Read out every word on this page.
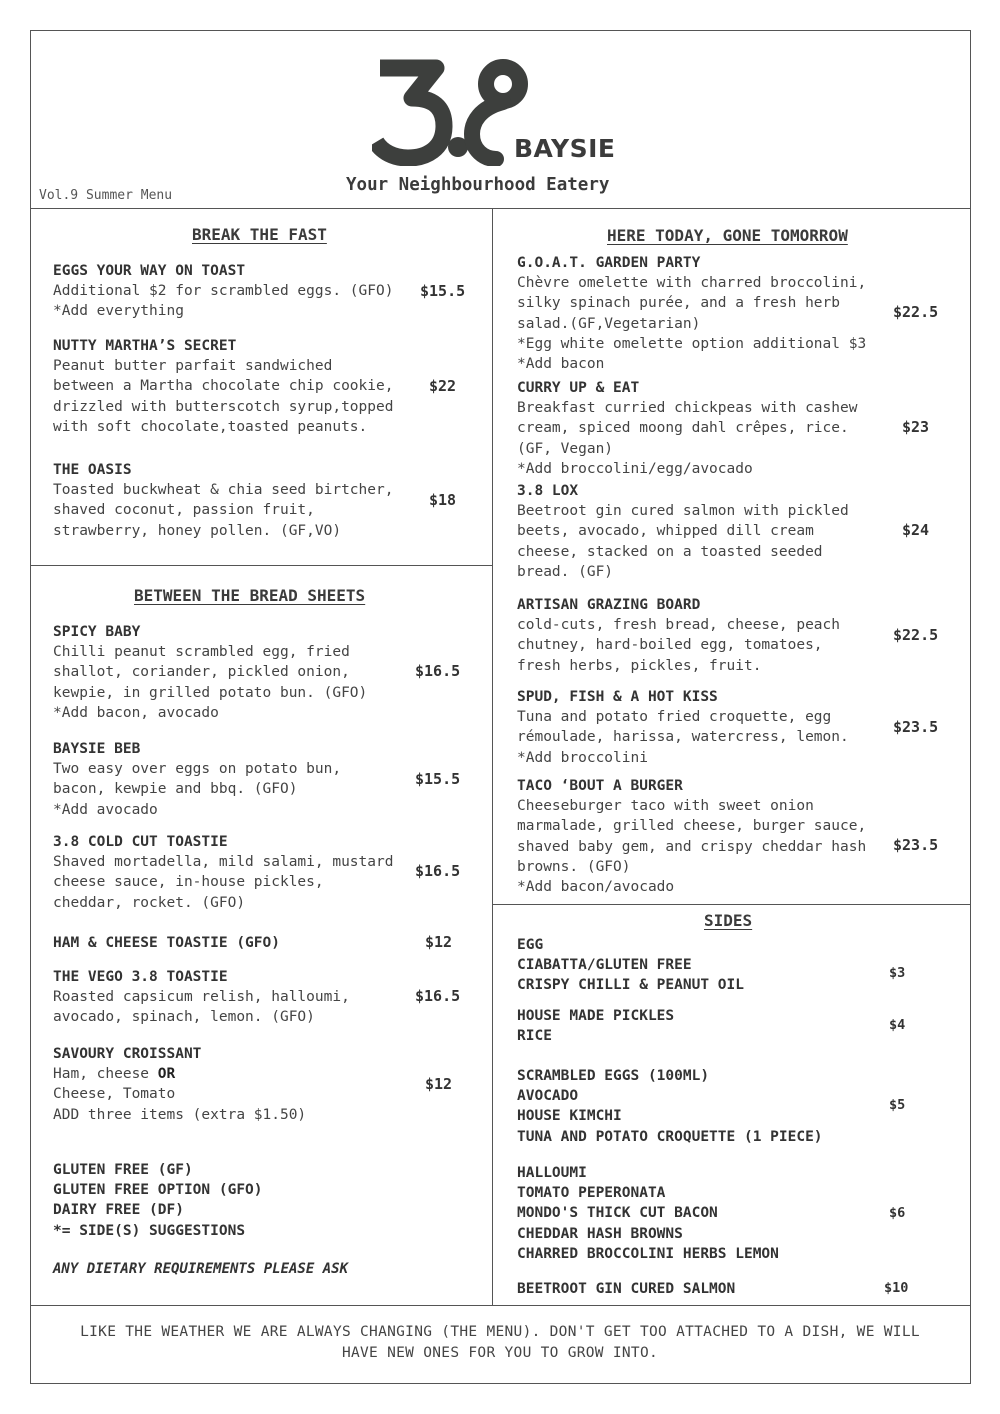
BAYSIE
Your Neighbourhood Eatery
Vol.9 Summer Menu
BREAK THE FAST
EGGS YOUR WAY ON TOAST
Additional $2 for scrambled eggs. (GFO)
*Add everything
$15.5
NUTTY MARTHA’S SECRET
Peanut butter parfait sandwiched
between a Martha chocolate chip cookie,
drizzled with butterscotch syrup,topped
with soft chocolate,toasted peanuts.
$22
THE OASIS
Toasted buckwheat & chia seed birtcher,
shaved coconut, passion fruit,
strawberry, honey pollen. (GF,VO)
$18
BETWEEN THE BREAD SHEETS
SPICY BABY
Chilli peanut scrambled egg, fried
shallot, coriander, pickled onion,
kewpie, in grilled potato bun. (GFO)
*Add bacon, avocado
$16.5
BAYSIE BEB
Two easy over eggs on potato bun,
bacon, kewpie and bbq. (GFO)
*Add avocado
$15.5
3.8 COLD CUT TOASTIE
Shaved mortadella, mild salami, mustard
cheese sauce, in-house pickles,
cheddar, rocket. (GFO)
$16.5
HAM & CHEESE TOASTIE (GFO)	$12
THE VEGO 3.8 TOASTIE
Roasted capsicum relish, halloumi,
avocado, spinach, lemon. (GFO)
$16.5
SAVOURY CROISSANT
Ham, cheese OR
Cheese, Tomato
ADD three items (extra $1.50)
$12
GLUTEN FREE (GF)
GLUTEN FREE OPTION (GFO)
DAIRY FREE (DF)
*= SIDE(S) SUGGESTIONS
ANY DIETARY REQUIREMENTS PLEASE ASK
HERE TODAY, GONE TOMORROW
G.O.A.T. GARDEN PARTY
Chèvre omelette with charred broccolini,
silky spinach purée, and a fresh herb
salad.(GF,Vegetarian)
*Egg white omelette option additional $3
*Add bacon
$22.5
CURRY UP & EAT
Breakfast curried chickpeas with cashew
cream, spiced moong dahl crêpes, rice.
(GF, Vegan)
*Add broccolini/egg/avocado
$23
3.8 LOX
Beetroot gin cured salmon with pickled
beets, avocado, whipped dill cream
cheese, stacked on a toasted seeded
bread. (GF)
$24
ARTISAN GRAZING BOARD
cold-cuts, fresh bread, cheese, peach
chutney, hard-boiled egg, tomatoes,
fresh herbs, pickles, fruit.
$22.5
SPUD, FISH & A HOT KISS
Tuna and potato fried croquette, egg
rémoulade, harissa, watercress, lemon.
*Add broccolini
$23.5
TACO ‘BOUT A BURGER
Cheeseburger taco with sweet onion
marmalade, grilled cheese, burger sauce,
shaved baby gem, and crispy cheddar hash
browns. (GFO)
*Add bacon/avocado
$23.5
SIDES
EGG
CIABATTA/GLUTEN FREE
CRISPY CHILLI & PEANUT OIL
$3
HOUSE MADE PICKLES
RICE
$4
SCRAMBLED EGGS (100ML)
AVOCADO
HOUSE KIMCHI
TUNA AND POTATO CROQUETTE (1 PIECE)
$5
HALLOUMI
TOMATO PEPERONATA
MONDO'S THICK CUT BACON
CHEDDAR HASH BROWNS
CHARRED BROCCOLINI HERBS LEMON
$6
BEETROOT GIN CURED SALMON	$10
LIKE THE WEATHER WE ARE ALWAYS CHANGING (THE MENU). DON'T GET TOO ATTACHED TO A DISH, WE WILL HAVE NEW ONES FOR YOU TO GROW INTO.
